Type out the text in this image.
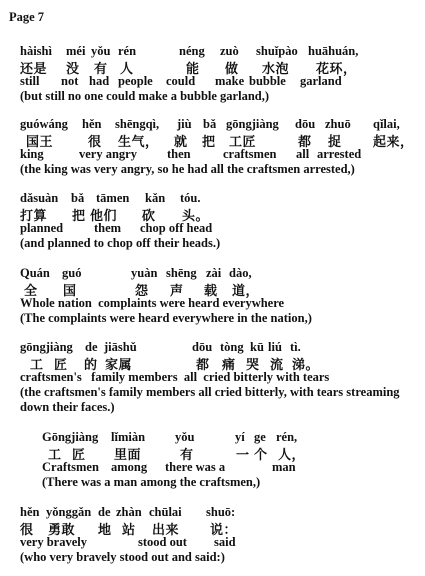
Page 7
hàishì méi yǒu rén	néng zuò shuǐpào huāhuán,
还是 没 有 人	能 做 水泡 花环，
still not had people could make bubble garland
(but still no one could make a bubble garland,)
guówáng hěn shēngqì, jiù bǎ gōngjiàng dōu zhuō qǐlai,
国王	很 生气， 就 把 工匠	都 捉 起来，
king	very angry then	craftsmen all arrested
(the king was very angry, so he had all the craftsmen arrested,)
dǎsuàn bǎ tāmen kǎn tóu.
打算 把 他们 砍 头。
planned them chop off head
(and planned to chop off their heads.)
Quán guó	yuàn shēng zài dào,
全 国	怨 声 载 道，
Whole nation  complaints were heard everywhere
(The complaints were heard everywhere in the nation,)
gōngjiàng de jiāshǔ	dōu tòng kū liú tì.
工 匠 的 家属	都 痛 哭 流 涕。
craftsmen's   family members  all  cried bitterly with tears
(the craftsmen's family members all cried bitterly, with tears streaming
down their faces.)
Gōngjiàng lǐmiàn yǒu	yí ge rén,
工 匠 里面	有	一 个 人，
Craftsmen among there was a	man
(There was a man among the craftsmen,)
hěn yǒnggǎn de zhàn chūlai shuō:
很 勇敢 地 站 出来 说：
very bravely	stood out said
(who very bravely stood out and said:)
